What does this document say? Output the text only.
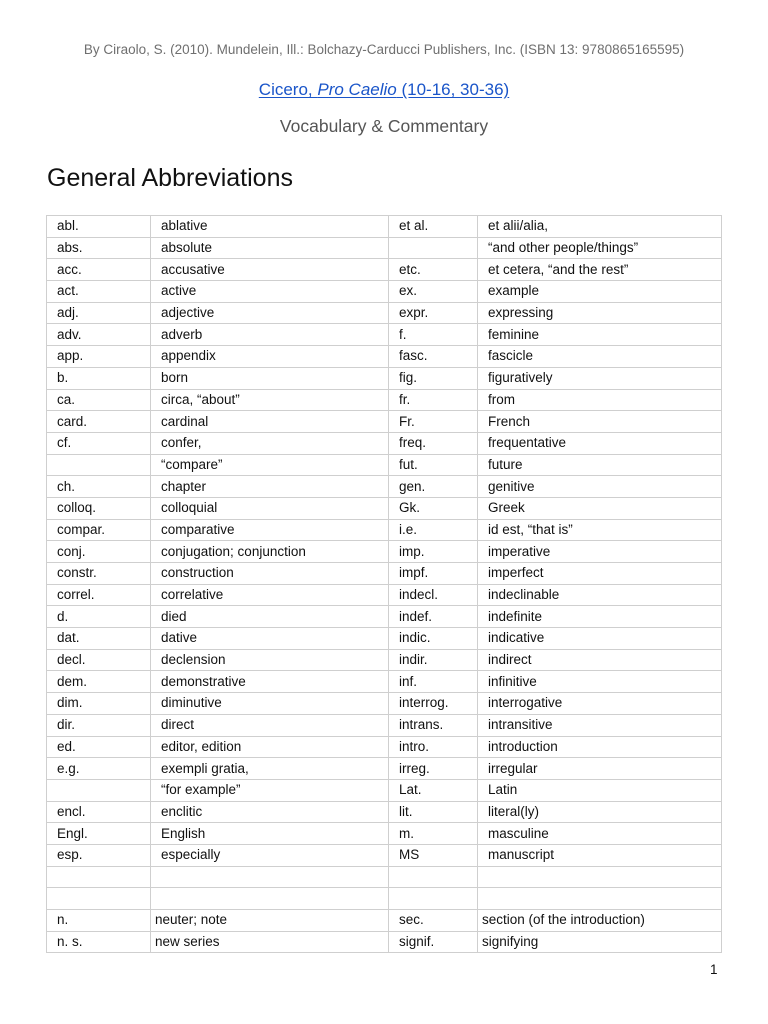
By Ciraolo, S. (2010). Mundelein, Ill.: Bolchazy-Carducci Publishers, Inc. (ISBN 13: 9780865165595)
Cicero, Pro Caelio (10-16, 30-36)
Vocabulary & Commentary
General Abbreviations
abl.	ablative	et al.	et alii/alia,
abs.	absolute		“and other people/things”
acc.	accusative	etc.	et cetera, “and the rest”
act.	active	ex.	example
adj.	adjective	expr.	expressing
adv.	adverb	f.	feminine
app.	appendix	fasc.	fascicle
b.	born	fig.	figuratively
ca.	circa, “about”	fr.	from
card.	cardinal	Fr.	French
cf.	confer,	freq.	frequentative
	“compare”	fut.	future
ch.	chapter	gen.	genitive
colloq.	colloquial	Gk.	Greek
compar.	comparative	i.e.	id est, “that is”
conj.	conjugation; conjunction	imp.	imperative
constr.	construction	impf.	imperfect
correl.	correlative	indecl.	indeclinable
d.	died	indef.	indefinite
dat.	dative	indic.	indicative
decl.	declension	indir.	indirect
dem.	demonstrative	inf.	infinitive
dim.	diminutive	interrog.	interrogative
dir.	direct	intrans.	intransitive
ed.	editor, edition	intro.	introduction
e.g.	exempli gratia,	irreg.	irregular
	“for example”	Lat.	Latin
encl.	enclitic	lit.	literal(ly)
Engl.	English	m.	masculine
esp.	especially	MS	manuscript

n.	neuter; note	sec.	section (of the introduction)
n. s.	new series	signif.	signifying
1
